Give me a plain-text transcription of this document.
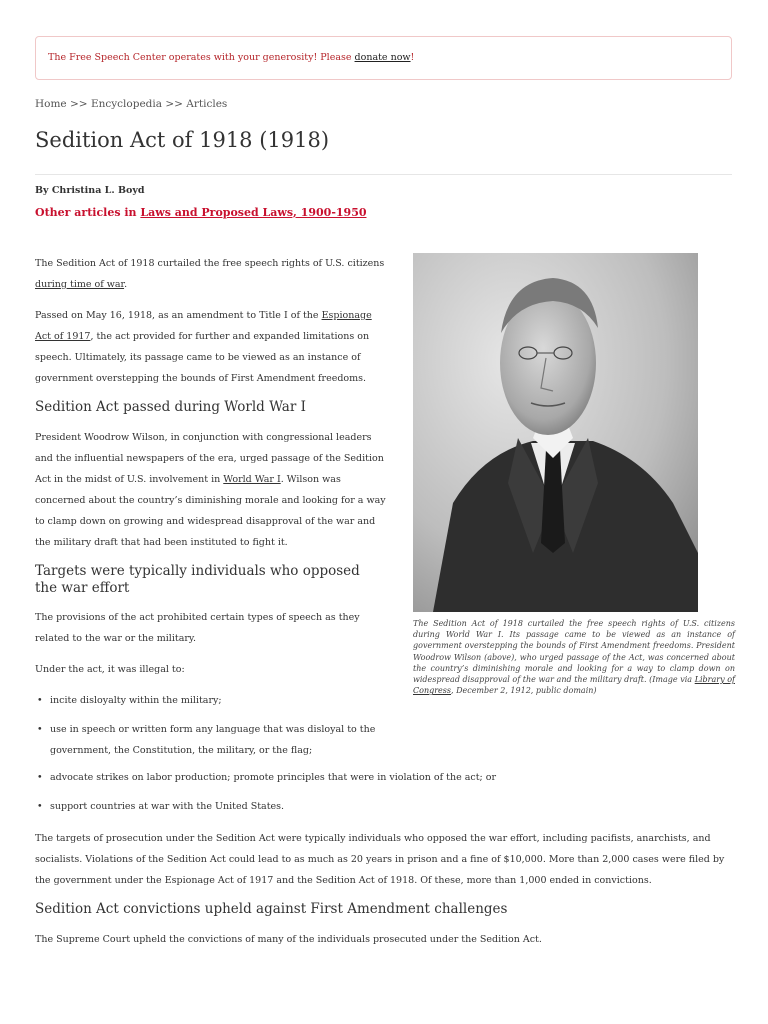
The Free Speech Center operates with your generosity! Please donate now!
Home >> Encyclopedia >> Articles
Sedition Act of 1918 (1918)
By Christina L. Boyd
Other articles in Laws and Proposed Laws, 1900-1950

The Sedition Act of 1918 curtailed the free speech rights of U.S. citizens during time of war.

Passed on May 16, 1918, as an amendment to Title I of the Espionage Act of 1917, the act provided for further and expanded limitations on speech. Ultimately, its passage came to be viewed as an instance of government overstepping the bounds of First Amendment freedoms.

Sedition Act passed during World War I

President Woodrow Wilson, in conjunction with congressional leaders and the influential newspapers of the era, urged passage of the Sedition Act in the midst of U.S. involvement in World War I. Wilson was concerned about the country’s diminishing morale and looking for a way to clamp down on growing and widespread disapproval of the war and the military draft that had been instituted to fight it.

Targets were typically individuals who opposed the war effort

The provisions of the act prohibited certain types of speech as they related to the war or the military.

Under the act, it was illegal to:

• incite disloyalty within the military;
• use in speech or written form any language that was disloyal to the government, the Constitution, the military, or the flag;
• advocate strikes on labor production; promote principles that were in violation of the act; or
• support countries at war with the United States.

The targets of prosecution under the Sedition Act were typically individuals who opposed the war effort, including pacifists, anarchists, and socialists. Violations of the Sedition Act could lead to as much as 20 years in prison and a fine of $10,000. More than 2,000 cases were filed by the government under the Espionage Act of 1917 and the Sedition Act of 1918. Of these, more than 1,000 ended in convictions.

Sedition Act convictions upheld against First Amendment challenges

The Supreme Court upheld the convictions of many of the individuals prosecuted under the Sedition Act.

The Sedition Act of 1918 curtailed the free speech rights of U.S. citizens during World War I. Its passage came to be viewed as an instance of government overstepping the bounds of First Amendment freedoms. President Woodrow Wilson (above), who urged passage of the Act, was concerned about the country’s diminishing morale and looking for a way to clamp down on widespread disapproval of the war and the military draft. (Image via Library of Congress, December 2, 1912, public domain)
